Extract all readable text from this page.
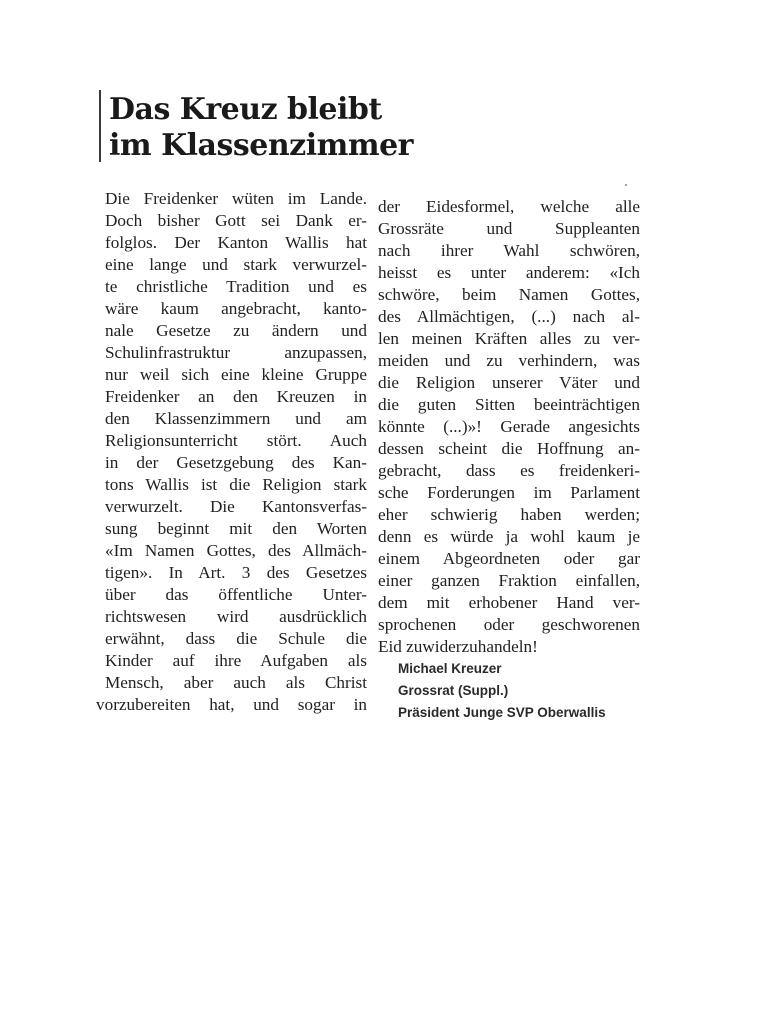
Das Kreuz bleibt
im Klassenzimmer
Die Freidenker wüten im Lande.
Doch bisher Gott sei Dank er-
folglos. Der Kanton Wallis hat
eine lange und stark verwurzel-
te christliche Tradition und es
wäre kaum angebracht, kanto-
nale Gesetze zu ändern und
Schulinfrastruktur anzupassen,
nur weil sich eine kleine Gruppe
Freidenker an den Kreuzen in
den Klassenzimmern und am
Religionsunterricht stört. Auch
in der Gesetzgebung des Kan-
tons Wallis ist die Religion stark
verwurzelt. Die Kantonsverfas-
sung beginnt mit den Worten
«Im Namen Gottes, des Allmäch-
tigen». In Art. 3 des Gesetzes
über das öffentliche Unter-
richtswesen wird ausdrücklich
erwähnt, dass die Schule die
Kinder auf ihre Aufgaben als
Mensch, aber auch als Christ
vorzubereiten hat, und sogar in
der Eidesformel, welche alle
Grossräte und Suppleanten
nach ihrer Wahl schwören,
heisst es unter anderem: «Ich
schwöre, beim Namen Gottes,
des Allmächtigen, (...) nach al-
len meinen Kräften alles zu ver-
meiden und zu verhindern, was
die Religion unserer Väter und
die guten Sitten beeinträchtigen
könnte (...)»! Gerade angesichts
dessen scheint die Hoffnung an-
gebracht, dass es freidenkeri-
sche Forderungen im Parlament
eher schwierig haben werden;
denn es würde ja wohl kaum je
einem Abgeordneten oder gar
einer ganzen Fraktion einfallen,
dem mit erhobener Hand ver-
sprochenen oder geschworenen
Eid zuwiderzuhandeln!
Michael Kreuzer
Grossrat (Suppl.)
Präsident Junge SVP Oberwallis
